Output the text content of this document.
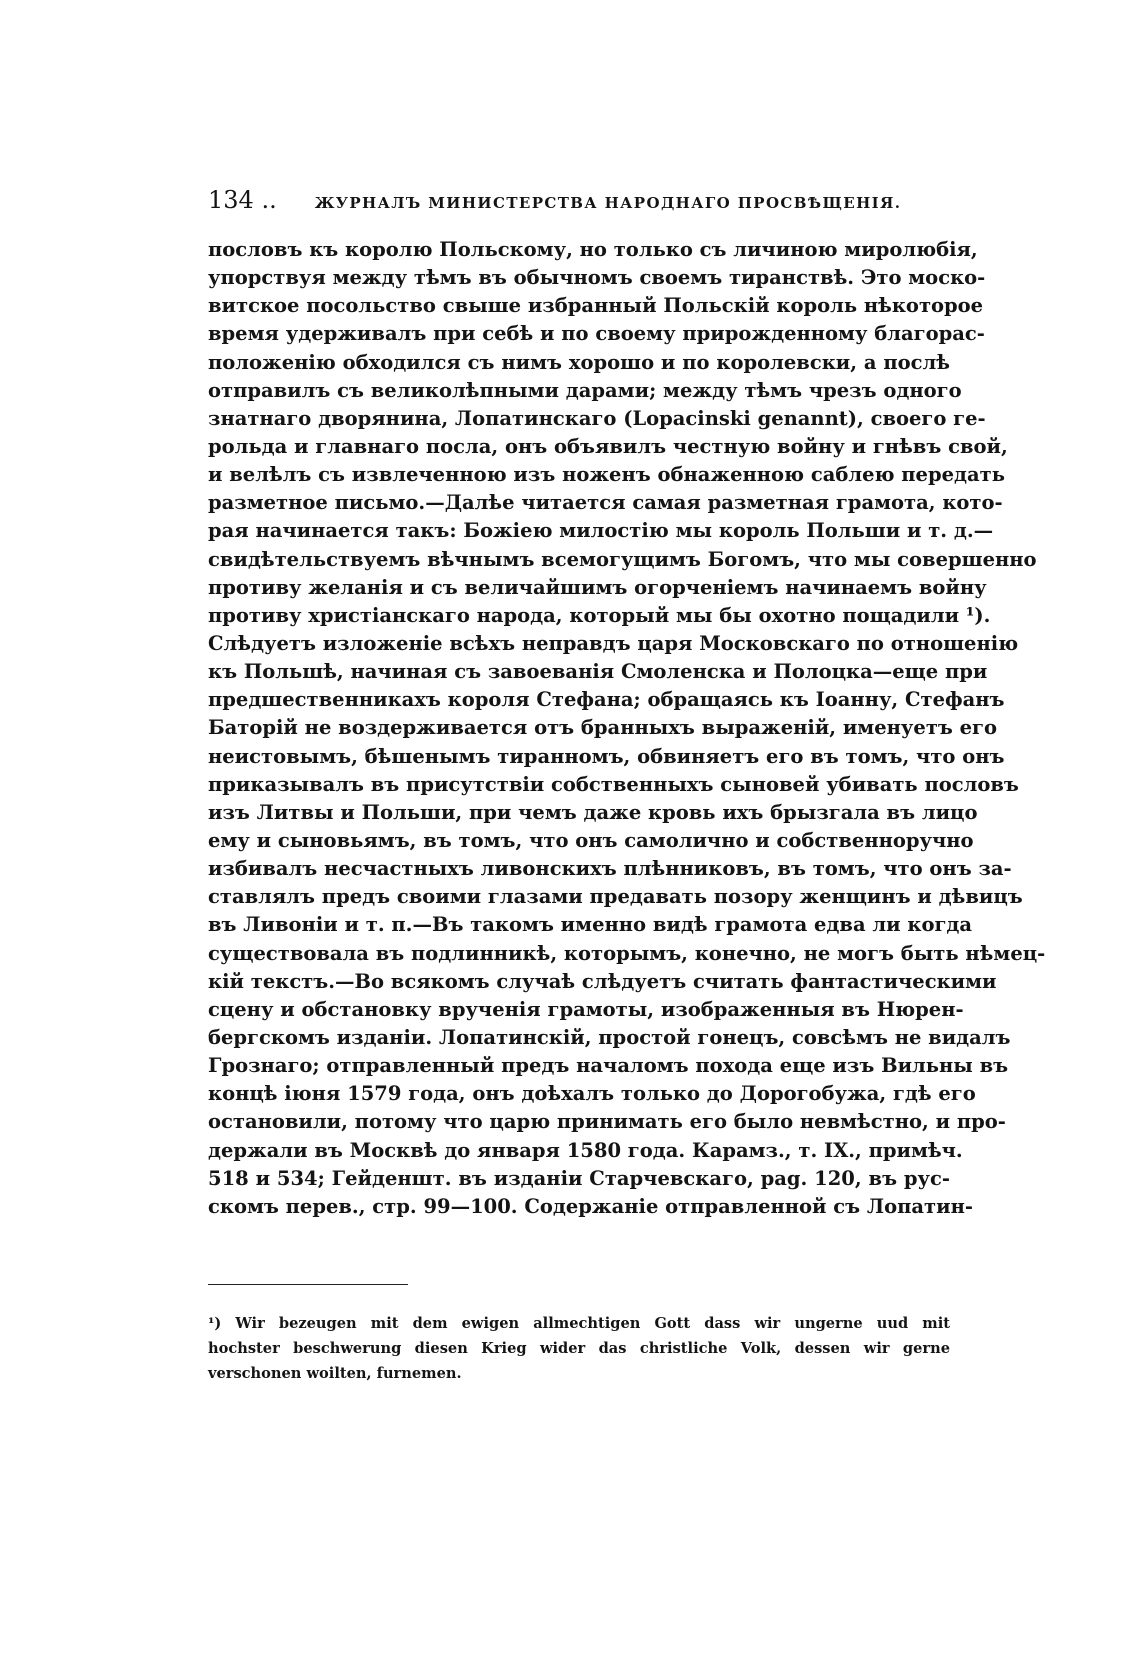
134 ..	ЖУРНАЛЪ МИНИСТЕРСТВА НАРОДНАГО ПРОСВѢЩЕНІЯ.
пословъ къ королю Польскому, но только съ личиною миролюбія,
упорствуя между тѣмъ въ обычномъ своемъ тиранствѣ. Это моско-
витское посольство свыше избранный Польскій король нѣкоторое
время удерживалъ при себѣ и по своему прирожденному благорас-
положенію обходился съ нимъ хорошо и по королевски, а послѣ
отправилъ съ великолѣпными дарами; между тѣмъ чрезъ одного
знатнаго дворянина, Лопатинскаго (Lopacinski genannt), своего ге-
рольда и главнаго посла, онъ объявилъ честную войну и гнѣвъ свой,
и велѣлъ съ извлеченною изъ ноженъ обнаженною саблею передать
разметное письмо.—Далѣе читается самая разметная грамота, кото-
рая начинается такъ: Божіею милостію мы король Польши и т. д.—
свидѣтельствуемъ вѣчнымъ всемогущимъ Богомъ, что мы совершенно
противу желанія и съ величайшимъ огорченіемъ начинаемъ войну
противу христіанскаго народа, который мы бы охотно пощадили ¹).
Слѣдуетъ изложеніе всѣхъ неправдъ царя Московскаго по отношенію
къ Польшѣ, начиная съ завоеванія Смоленска и Полоцка—еще при
предшественникахъ короля Стефана; обращаясь къ Іоанну, Стефанъ
Баторій не воздерживается отъ бранныхъ выраженій, именуетъ его
неистовымъ, бѣшенымъ тиранномъ, обвиняетъ его въ томъ, что онъ
приказывалъ въ присутствіи собственныхъ сыновей убивать пословъ
изъ Литвы и Польши, при чемъ даже кровь ихъ брызгала въ лицо
ему и сыновьямъ, въ томъ, что онъ самолично и собственноручно
избивалъ несчастныхъ ливонскихъ плѣнниковъ, въ томъ, что онъ за-
ставлялъ предъ своими глазами предавать позору женщинъ и дѣвицъ
въ Ливоніи и т. п.—Въ такомъ именно видѣ грамота едва ли когда
существовала въ подлинникѣ, которымъ, конечно, не могъ быть нѣмец-
кій текстъ.—Во всякомъ случаѣ слѣдуетъ считать фантастическими
сцену и обстановку врученія грамоты, изображенныя въ Нюрен-
бергскомъ изданіи. Лопатинскій, простой гонецъ, совсѣмъ не видалъ
Грознаго; отправленный предъ началомъ похода еще изъ Вильны въ
концѣ іюня 1579 года, онъ доѣхалъ только до Дорогобужа, гдѣ его
остановили, потому что царю принимать его было невмѣстно, и про-
держали въ Москвѣ до января 1580 года. Карамз., т. IX., примѣч.
518 и 534; Гейденшт. въ изданіи Старчевскаго, pag. 120, въ рус-
скомъ перев., стр. 99—100. Содержаніе отправленной съ Лопатин-
¹) Wir bezeugen mit dem ewigen allmechtigen Gott dass wir ungerne uud mit
hochster beschwerung diesen Krieg wider das christliche Volk, dessen wir gerne
verschonen woilten, furnemen.
